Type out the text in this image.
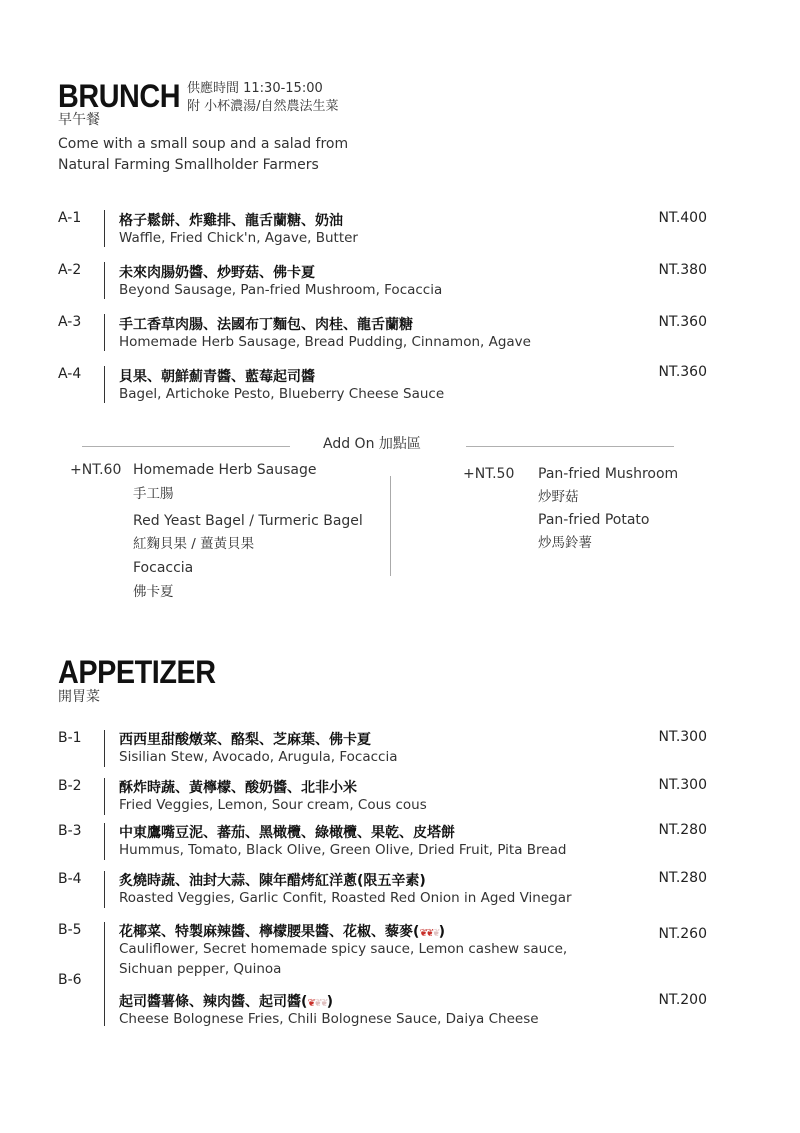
BRUNCH
早午餐
供應時間 11:30-15:00
附 小杯濃湯/自然農法生菜
Come with a small soup and a salad from
Natural Farming Smallholder Farmers
A-1	格子鬆餅、炸雞排、龍舌蘭糖、奶油
Waffle, Fried Chick'n, Agave, Butter
NT.400
A-2	未來肉腸奶醬、炒野菇、佛卡夏
Beyond Sausage, Pan-fried Mushroom, Focaccia
NT.380
A-3	手工香草肉腸、法國布丁麵包、肉桂、龍舌蘭糖
Homemade Herb Sausage, Bread Pudding, Cinnamon, Agave
NT.360
A-4	貝果、朝鮮薊青醬、藍莓起司醬
Bagel, Artichoke Pesto, Blueberry Cheese Sauce
NT.360
Add On 加點區
+NT.60 Homemade Herb Sausage
手工腸
Red Yeast Bagel / Turmeric Bagel
紅麴貝果 / 薑黃貝果
Focaccia
佛卡夏
+NT.50 Pan-fried Mushroom
炒野菇
Pan-fried Potato
炒馬鈴薯
APPETIZER
開胃菜
B-1	西西里甜酸燉菜、酪梨、芝麻葉、佛卡夏
Sisilian Stew, Avocado, Arugula, Focaccia
NT.300
B-2	酥炸時蔬、黃檸檬、酸奶醬、北非小米
Fried Veggies, Lemon, Sour cream, Cous cous
NT.300
B-3	中東鷹嘴豆泥、蕃茄、黑橄欖、綠橄欖、果乾、皮塔餅
Hummus, Tomato, Black Olive, Green Olive, Dried Fruit, Pita Bread
NT.280
B-4	炙燒時蔬、油封大蒜、陳年醋烤紅洋蔥(限五辛素)
Roasted Veggies, Garlic Confit, Roasted Red Onion in Aged Vinegar
NT.280
B-5	花椰菜、特製麻辣醬、檸檬腰果醬、花椒、藜麥(❦❦❦)
Cauliflower, Secret homemade spicy sauce, Lemon cashew sauce,
Sichuan pepper, Quinoa
NT.260
B-6
起司醬薯條、辣肉醬、起司醬(❦❦❦)
Cheese Bolognese Fries, Chili Bolognese Sauce, Daiya Cheese
NT.200
